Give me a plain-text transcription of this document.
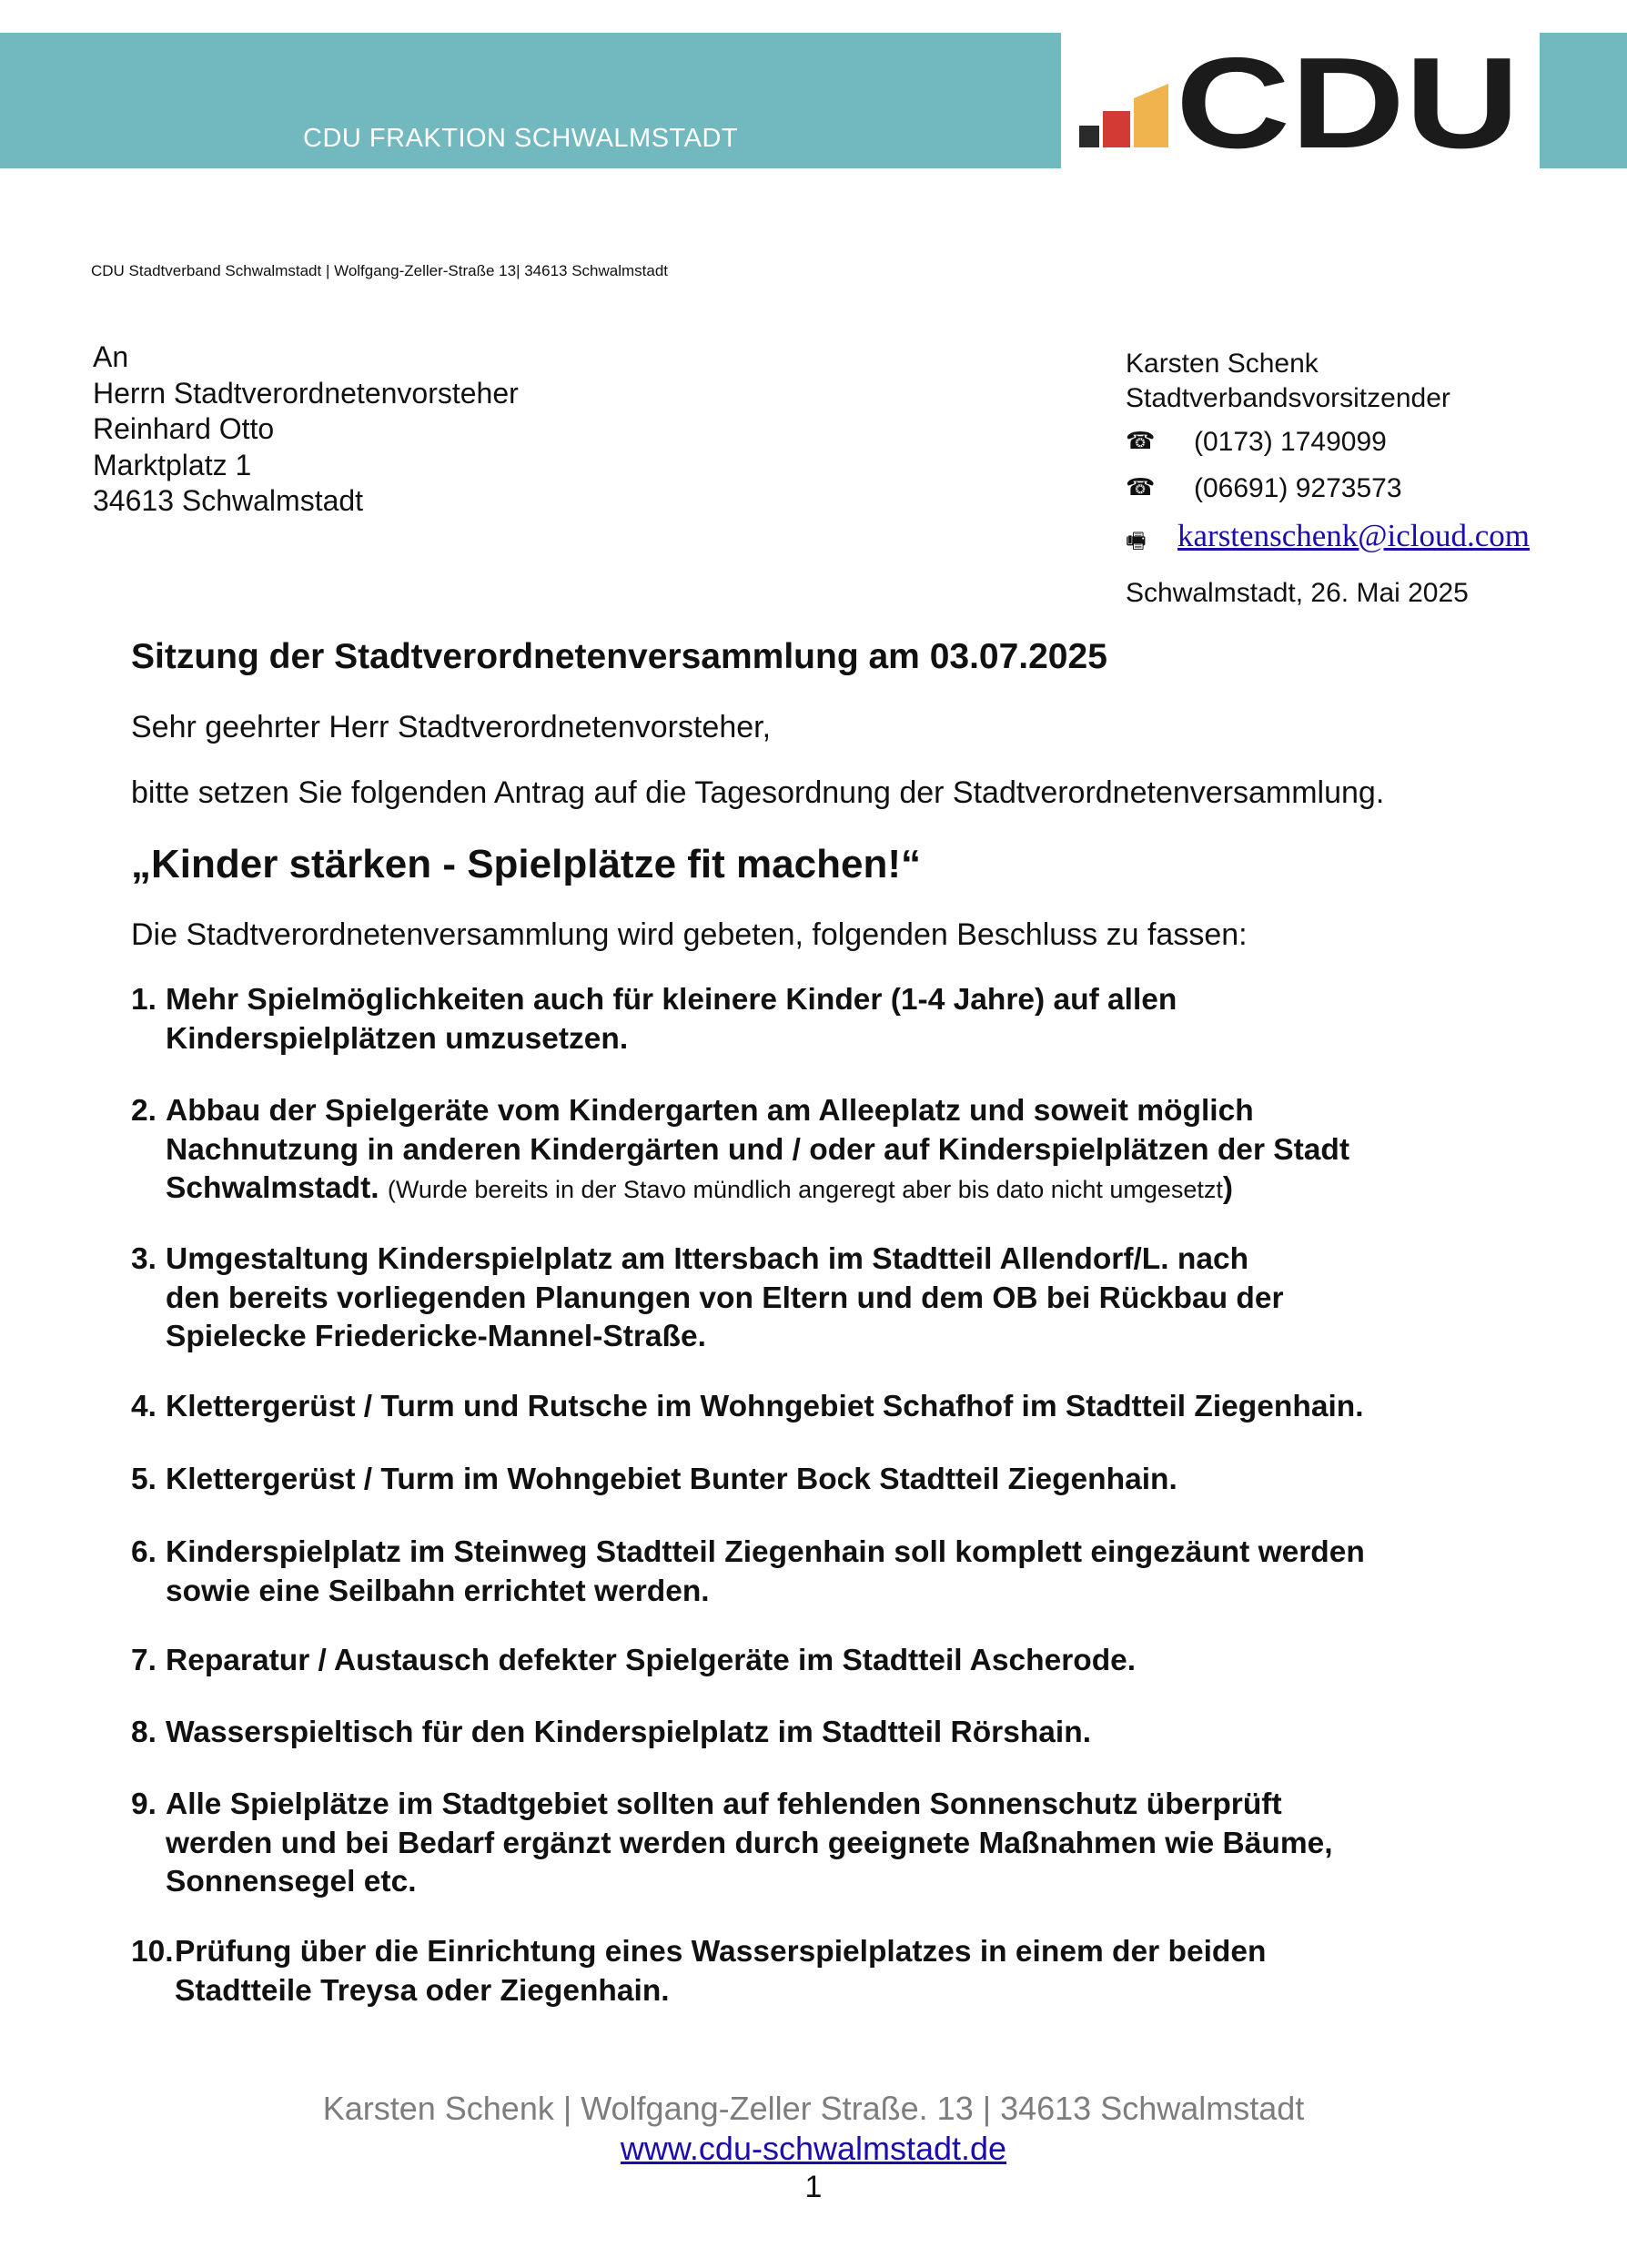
CDU FRAKTION SCHWALMSTADT	CDU
CDU Stadtverband Schwalmstadt | Wolfgang-Zeller-Straße 13| 34613 Schwalmstadt
An
Herrn Stadtverordnetenvorsteher
Reinhard Otto
Marktplatz 1
34613 Schwalmstadt
Karsten Schenk
Stadtverbandsvorsitzender
☎ (0173) 1749099
☎ (06691) 9273573
🖷 karstenschenk@icloud.com
Schwalmstadt, 26. Mai 2025
Sitzung der Stadtverordnetenversammlung am 03.07.2025
Sehr geehrter Herr Stadtverordnetenvorsteher,
bitte setzen Sie folgenden Antrag auf die Tagesordnung der Stadtverordnetenversammlung.
„Kinder stärken - Spielplätze fit machen!“
Die Stadtverordnetenversammlung wird gebeten, folgenden Beschluss zu fassen:
1. Mehr Spielmöglichkeiten auch für kleinere Kinder (1-4 Jahre) auf allen
Kinderspielplätzen umzusetzen.
2. Abbau der Spielgeräte vom Kindergarten am Alleeplatz und soweit möglich
Nachnutzung in anderen Kindergärten und / oder auf Kinderspielplätzen der Stadt
Schwalmstadt. (Wurde bereits in der Stavo mündlich angeregt aber bis dato nicht umgesetzt)
3. Umgestaltung Kinderspielplatz am Ittersbach im Stadtteil Allendorf/L. nach
den bereits vorliegenden Planungen von Eltern und dem OB bei Rückbau der
Spielecke Friedericke-Mannel-Straße.
4. Klettergerüst / Turm und Rutsche im Wohngebiet Schafhof im Stadtteil Ziegenhain.
5. Klettergerüst / Turm im Wohngebiet Bunter Bock Stadtteil Ziegenhain.
6. Kinderspielplatz im Steinweg Stadtteil Ziegenhain soll komplett eingezäunt werden
sowie eine Seilbahn errichtet werden.
7. Reparatur / Austausch defekter Spielgeräte im Stadtteil Ascherode.
8. Wasserspieltisch für den Kinderspielplatz im Stadtteil Rörshain.
9. Alle Spielplätze im Stadtgebiet sollten auf fehlenden Sonnenschutz überprüft
werden und bei Bedarf ergänzt werden durch geeignete Maßnahmen wie Bäume,
Sonnensegel etc.
10. Prüfung über die Einrichtung eines Wasserspielplatzes in einem der beiden
Stadtteile Treysa oder Ziegenhain.
Karsten Schenk | Wolfgang-Zeller Straße. 13 | 34613 Schwalmstadt
www.cdu-schwalmstadt.de
1
